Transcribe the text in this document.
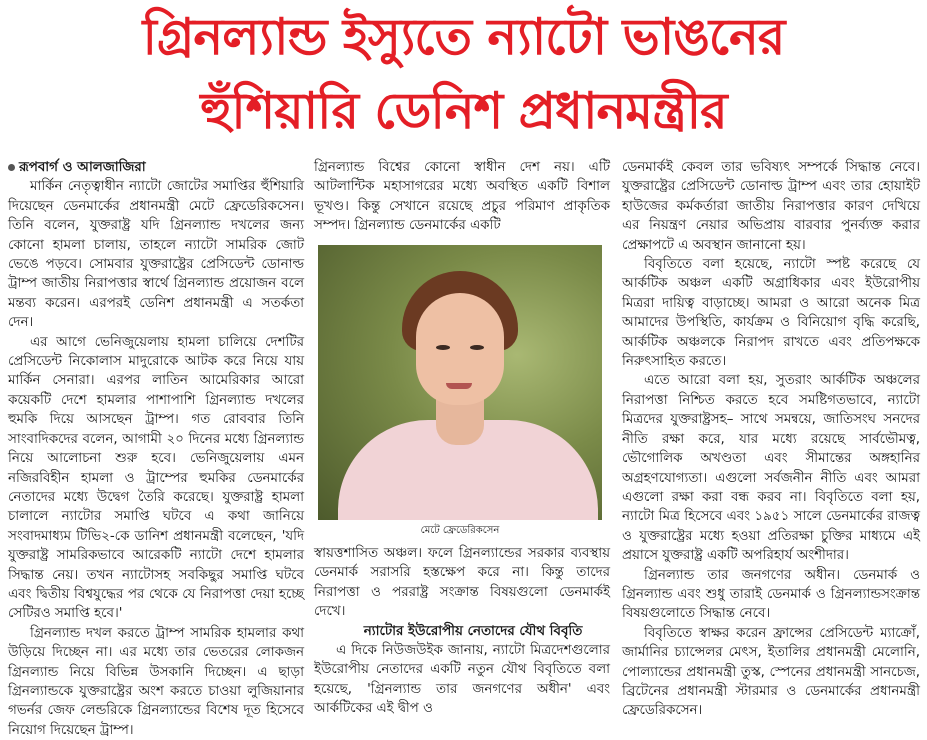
গ্রিনল্যান্ড ইস্যুতে ন্যাটো ভাঙনের
হুঁশিয়ারি ডেনিশ প্রধানমন্ত্রীর

রূপবার্গ ও আলজাজিরা

মার্কিন নেতৃত্বাধীন ন্যাটো জোটের সমাপ্তির হুঁশিয়ারি দিয়েছেন ডেনমার্কের প্রধানমন্ত্রী মেটে ফ্রেডেরিকসেন। তিনি বলেন, যুক্তরাষ্ট্র যদি গ্রিনল্যান্ড দখলের জন্য কোনো হামলা চালায়, তাহলে ন্যাটো সামরিক জোট ভেঙে পড়বে। সোমবার যুক্তরাষ্ট্রের প্রেসিডেন্ট ডোনাল্ড ট্রাম্প জাতীয় নিরাপত্তার স্বার্থে গ্রিনল্যান্ড প্রয়োজন বলে মন্তব্য করেন। এরপরই ডেনিশ প্রধানমন্ত্রী এ সতর্কতা দেন।

এর আগে ভেনিজুয়েলায় হামলা চালিয়ে দেশটির প্রেসিডেন্ট নিকোলাস মাদুরোকে আটক করে নিয়ে যায় মার্কিন সেনারা। এরপর লাতিন আমেরিকার আরো কয়েকটি দেশে হামলার পাশাপাশি গ্রিনল্যান্ড দখলের হুমকি দিয়ে আসছেন ট্রাম্প। গত রোববার তিনি সাংবাদিকদের বলেন, আগামী ২০ দিনের মধ্যে গ্রিনল্যান্ড নিয়ে আলোচনা শুরু হবে। ভেনিজুয়েলায় এমন নজিরবিহীন হামলা ও ট্রাম্পের হুমকির ডেনমার্কের নেতাদের মধ্যে উদ্বেগ তৈরি করেছে। যুক্তরাষ্ট্র হামলা চালালে ন্যাটোর সমাপ্তি ঘটবে এ কথা জানিয়ে সংবাদমাধ্যম টিভি২-কে ডানিশ প্রধানমন্ত্রী বলেছেন, 'যদি যুক্তরাষ্ট্র সামরিকভাবে আরেকটি ন্যাটো দেশে হামলার সিদ্ধান্ত নেয়। তখন ন্যাটোসহ সবকিছুর সমাপ্তি ঘটবে এবং দ্বিতীয় বিশ্বযুদ্ধের পর থেকে যে নিরাপত্তা দেয়া হচ্ছে সেটিরও সমাপ্তি হবে।'

গ্রিনল্যান্ড দখল করতে ট্রাম্প সামরিক হামলার কথা উড়িয়ে দিচ্ছেন না। এর মধ্যে তার ভেতরের লোকজন গ্রিনল্যান্ড নিয়ে বিভিন্ন উসকানি দিচ্ছেন। এ ছাড়া গ্রিনল্যান্ডকে যুক্তরাষ্ট্রের অংশ করতে চাওয়া লুজিয়ানার গভর্নর জেফ লেন্ডরিকে গ্রিনল্যান্ডের বিশেষ দূত হিসেবে নিয়োগ দিয়েছেন ট্রাম্প।

গ্রিনল্যান্ড বিশ্বের কোনো স্বাধীন দেশ নয়। এটি আটলান্টিক মহাসাগরের মধ্যে অবস্থিত একটি বিশাল ভূখণ্ড। কিন্তু সেখানে রয়েছে প্রচুর পরিমাণ প্রাকৃতিক সম্পদ। গ্রিনল্যান্ড ডেনমার্কের একটি

মেটে ফ্রেডেরিকসেন

স্বায়ত্তশাসিত অঞ্চল। ফলে গ্রিনল্যান্ডের সরকার ব্যবস্থায় ডেনমার্ক সরাসরি হস্তক্ষেপ করে না। কিন্তু তাদের নিরাপত্তা ও পররাষ্ট্র সংক্রান্ত বিষয়গুলো ডেনমার্কই দেখে।

ন্যাটোর ইউরোপীয় নেতাদের যৌথ বিবৃতি

এ দিকে নিউজউইক জানায়, ন্যাটো মিত্রদেশগুলোর ইউরোপীয় নেতাদের একটি নতুন যৌথ বিবৃতিতে বলা হয়েছে, 'গ্রিনল্যান্ড তার জনগণের অধীন' এবং আর্কটিকের এই দ্বীপ ও

ডেনমার্কই কেবল তার ভবিষ্যৎ সম্পর্কে সিদ্ধান্ত নেবে। যুক্তরাষ্ট্রের প্রেসিডেন্ট ডোনাল্ড ট্রাম্প এবং তার হোয়াইট হাউজের কর্মকর্তারা জাতীয় নিরাপত্তার কারণ দেখিয়ে এর নিয়ন্ত্রণ নেয়ার অভিপ্রায় বারবার পুনর্ব্যক্ত করার প্রেক্ষাপটে এ অবস্থান জানানো হয়।

বিবৃতিতে বলা হয়েছে, ন্যাটো স্পষ্ট করেছে যে আর্কটিক অঞ্চল একটি অগ্রাধিকার এবং ইউরোপীয় মিত্ররা দায়িত্ব বাড়াচ্ছে। আমরা ও আরো অনেক মিত্র আমাদের উপস্থিতি, কার্যক্রম ও বিনিয়োগ বৃদ্ধি করেছি, আর্কটিক অঞ্চলকে নিরাপদ রাখতে এবং প্রতিপক্ষকে নিরুৎসাহিত করতে।

এতে আরো বলা হয়, সুতরাং আর্কটিক অঞ্চলের নিরাপত্তা নিশ্চিত করতে হবে সমষ্টিগতভাবে, ন্যাটো মিত্রদের যুক্তরাষ্ট্রসহ– সাথে সমন্বয়ে, জাতিসংঘ সনদের নীতি রক্ষা করে, যার মধ্যে রয়েছে সার্বভৌমত্ব, ভৌগোলিক অখণ্ডতা এবং সীমান্তের অঙ্গহানির অগ্রহণযোগ্যতা। এগুলো সর্বজনীন নীতি এবং আমরা এগুলো রক্ষা করা বন্ধ করব না। বিবৃতিতে বলা হয়, ন্যাটো মিত্র হিসেবে এবং ১৯৫১ সালে ডেনমার্কের রাজত্ব ও যুক্তরাষ্ট্রের মধ্যে হওয়া প্রতিরক্ষা চুক্তির মাধ্যমে এই প্রয়াসে যুক্তরাষ্ট্র একটি অপরিহার্য অংশীদার।

গ্রিনল্যান্ড তার জনগণের অধীন। ডেনমার্ক ও গ্রিনল্যান্ড এবং শুধু তারাই ডেনমার্ক ও গ্রিনল্যান্ডসংক্রান্ত বিষয়গুলোতে সিদ্ধান্ত নেবে।

বিবৃতিতে স্বাক্ষর করেন ফ্রান্সের প্রেসিডেন্ট ম্যাক্রোঁ, জার্মানির চ্যান্সেলর মেৎস, ইতালির প্রধানমন্ত্রী মেলোনি, পোল্যান্ডের প্রধানমন্ত্রী তুস্ক, স্পেনের প্রধানমন্ত্রী সানচেজ, ব্রিটেনের প্রধানমন্ত্রী স্টারমার ও ডেনমার্কের প্রধানমন্ত্রী ফ্রেডেরিকসেন।
